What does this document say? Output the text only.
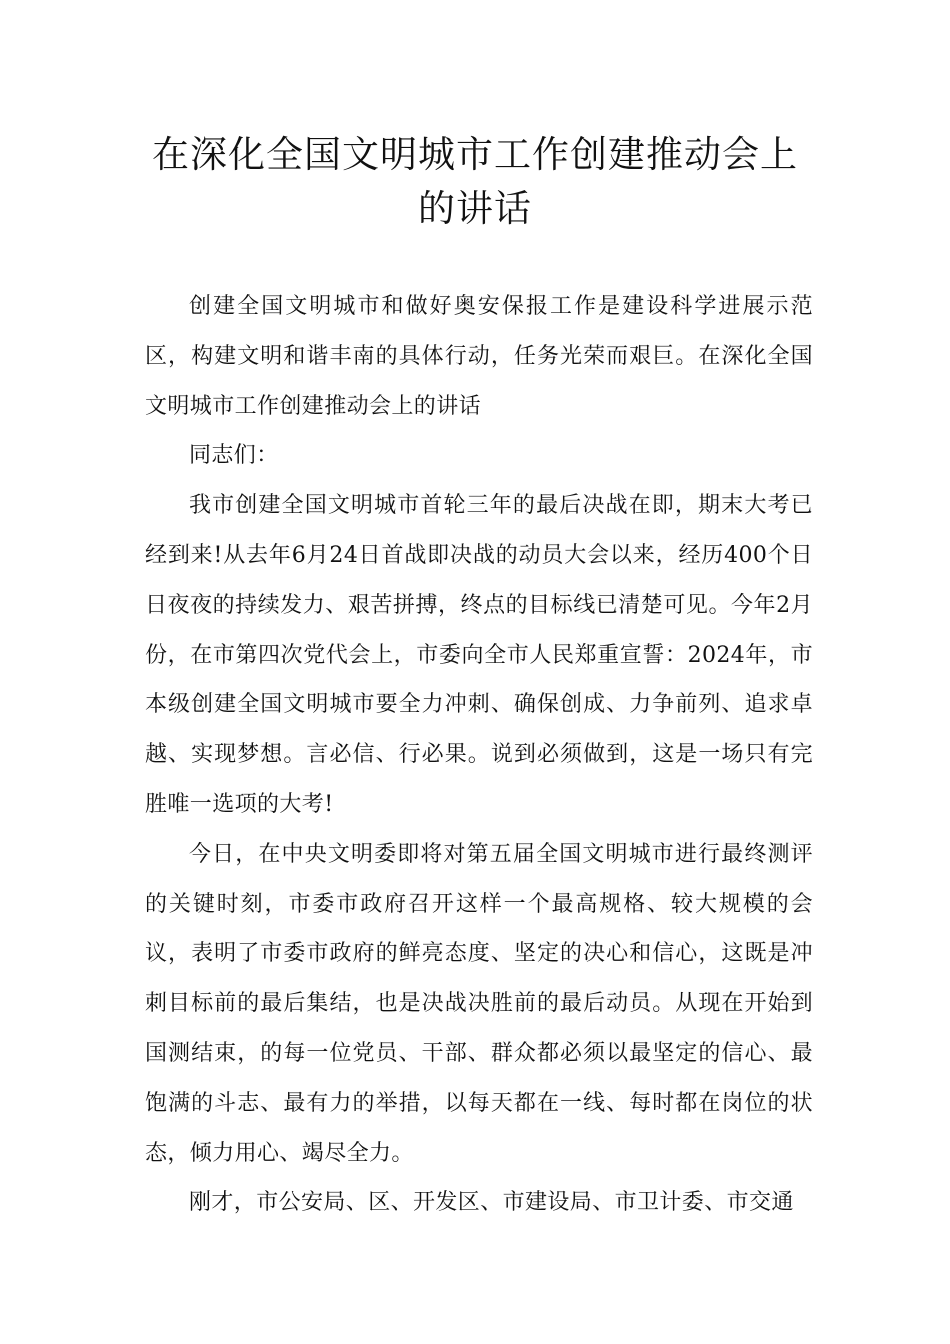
在深化全国文明城市工作创建推动会上
的讲话

创建全国文明城市和做好奥安保报工作是建设科学进展示范区，构建文明和谐丰南的具体行动，任务光荣而艰巨。在深化全国文明城市工作创建推动会上的讲话

同志们：

我市创建全国文明城市首轮三年的最后决战在即，期末大考已经到来!从去年6月24日首战即决战的动员大会以来，经历400个日日夜夜的持续发力、艰苦拼搏，终点的目标线已清楚可见。今年2月份，在市第四次党代会上，市委向全市人民郑重宣誓：2024年，市本级创建全国文明城市要全力冲刺、确保创成、力争前列、追求卓越、实现梦想。言必信、行必果。说到必须做到，这是一场只有完胜唯一选项的大考!

今日，在中央文明委即将对第五届全国文明城市进行最终测评的关键时刻，市委市政府召开这样一个最高规格、较大规模的会议，表明了市委市政府的鲜亮态度、坚定的决心和信心，这既是冲刺目标前的最后集结，也是决战决胜前的最后动员。从现在开始到国测结束，的每一位党员、干部、群众都必须以最坚定的信心、最饱满的斗志、最有力的举措，以每天都在一线、每时都在岗位的状态，倾力用心、竭尽全力。

刚才，市公安局、区、开发区、市建设局、市卫计委、市交通
